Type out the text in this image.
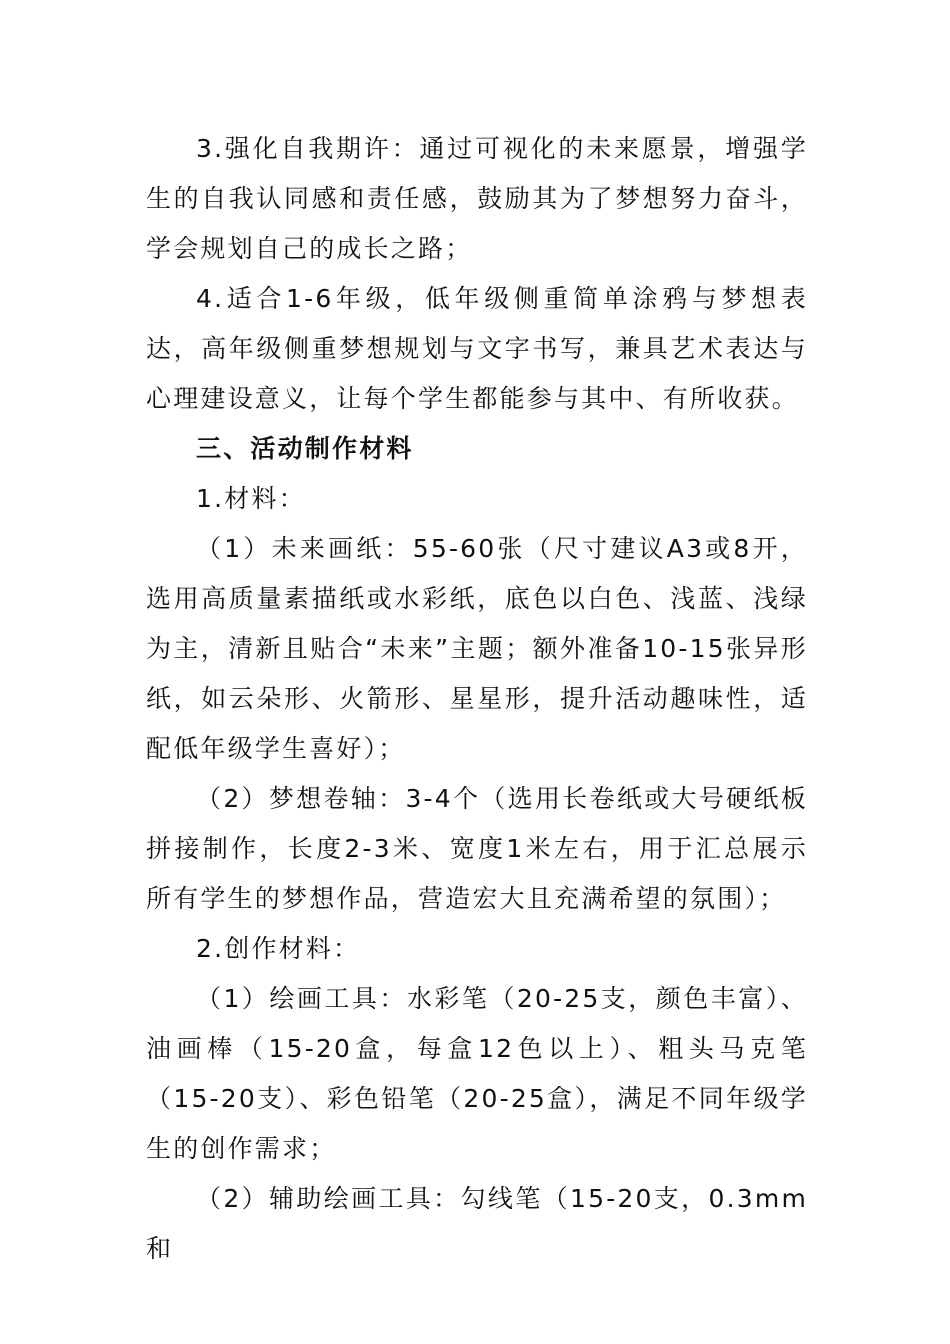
3.强化自我期许：通过可视化的未来愿景，增强学生的自我认同感和责任感，鼓励其为了梦想努力奋斗，学会规划自己的成长之路；

4.适合1-6年级，低年级侧重简单涂鸦与梦想表达，高年级侧重梦想规划与文字书写，兼具艺术表达与心理建设意义，让每个学生都能参与其中、有所收获。

三、活动制作材料

1.材料：

（1）未来画纸：55-60张（尺寸建议A3或8开，选用高质量素描纸或水彩纸，底色以白色、浅蓝、浅绿为主，清新且贴合“未来”主题；额外准备10-15张异形纸，如云朵形、火箭形、星星形，提升活动趣味性，适配低年级学生喜好）；

（2）梦想卷轴：3-4个（选用长卷纸或大号硬纸板拼接制作，长度2-3米、宽度1米左右，用于汇总展示所有学生的梦想作品，营造宏大且充满希望的氛围）；

2.创作材料：

（1）绘画工具：水彩笔（20-25支，颜色丰富）、油画棒（15-20盒，每盒12色以上）、粗头马克笔（15-20支）、彩色铅笔（20-25盒），满足不同年级学生的创作需求；

（2）辅助绘画工具：勾线笔（15-20支，0.3mm和
